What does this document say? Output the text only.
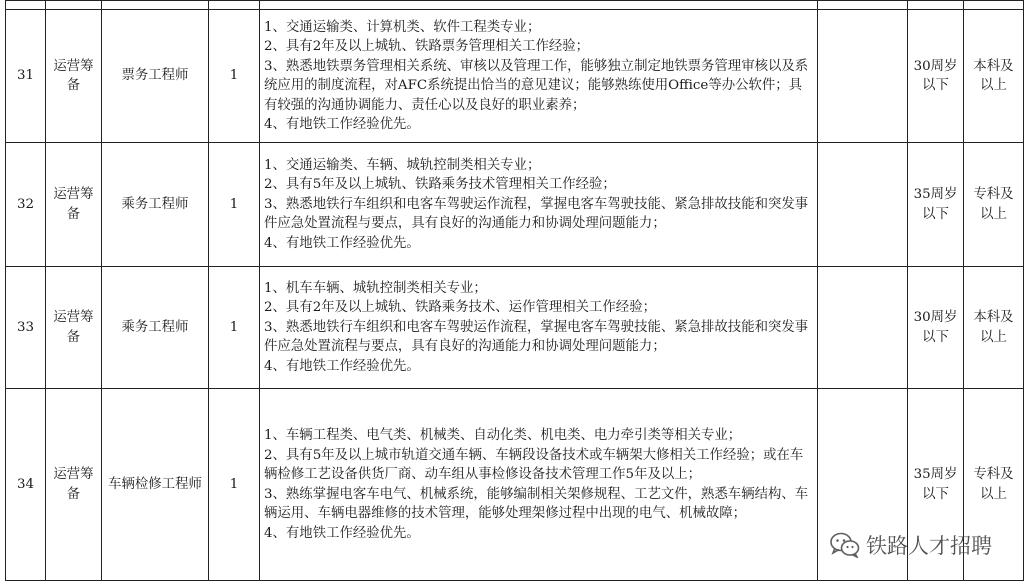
31	运营筹备	票务工程师	1	1、交通运输类、计算机类、软件工程类专业；
2、具有2年及以上城轨、铁路票务管理相关工作经验；
3、熟悉地铁票务管理相关系统、审核以及管理工作，能够独立制定地铁票务管理审核以及系统应用的制度流程，对AFC系统提出恰当的意见建议；能够熟练使用Office等办公软件；具有较强的沟通协调能力、责任心以及良好的职业素养；
4、有地铁工作经验优先。		30周岁以下	本科及以上
32	运营筹备	乘务工程师	1	1、交通运输类、车辆、城轨控制类相关专业；
2、具有5年及以上城轨、铁路乘务技术管理相关工作经验；
3、熟悉地铁行车组织和电客车驾驶运作流程，掌握电客车驾驶技能、紧急排故技能和突发事件应急处置流程与要点，具有良好的沟通能力和协调处理问题能力；
4、有地铁工作经验优先。		35周岁以下	专科及以上
33	运营筹备	乘务工程师	1	1、机车车辆、城轨控制类相关专业；
2、具有2年及以上城轨、铁路乘务技术、运作管理相关工作经验；
3、熟悉地铁行车组织和电客车驾驶运作流程，掌握电客车驾驶技能、紧急排故技能和突发事件应急处置流程与要点，具有良好的沟通能力和协调处理问题能力；
4、有地铁工作经验优先。		30周岁以下	本科及以上
34	运营筹备	车辆检修工程师	1	1、车辆工程类、电气类、机械类、自动化类、机电类、电力牵引类等相关专业；
2、具有5年及以上城市轨道交通车辆、车辆段设备技术或车辆架大修相关工作经验；或在车辆检修工艺设备供货厂商、动车组从事检修设备技术管理工作5年及以上；
3、熟练掌握电客车电气、机械系统，能够编制相关架修规程、工艺文件，熟悉车辆结构、车辆运用、车辆电器维修的技术管理，能够处理架修过程中出现的电气、机械故障；
4、有地铁工作经验优先。		35周岁以下	专科及以上
铁路人才招聘
